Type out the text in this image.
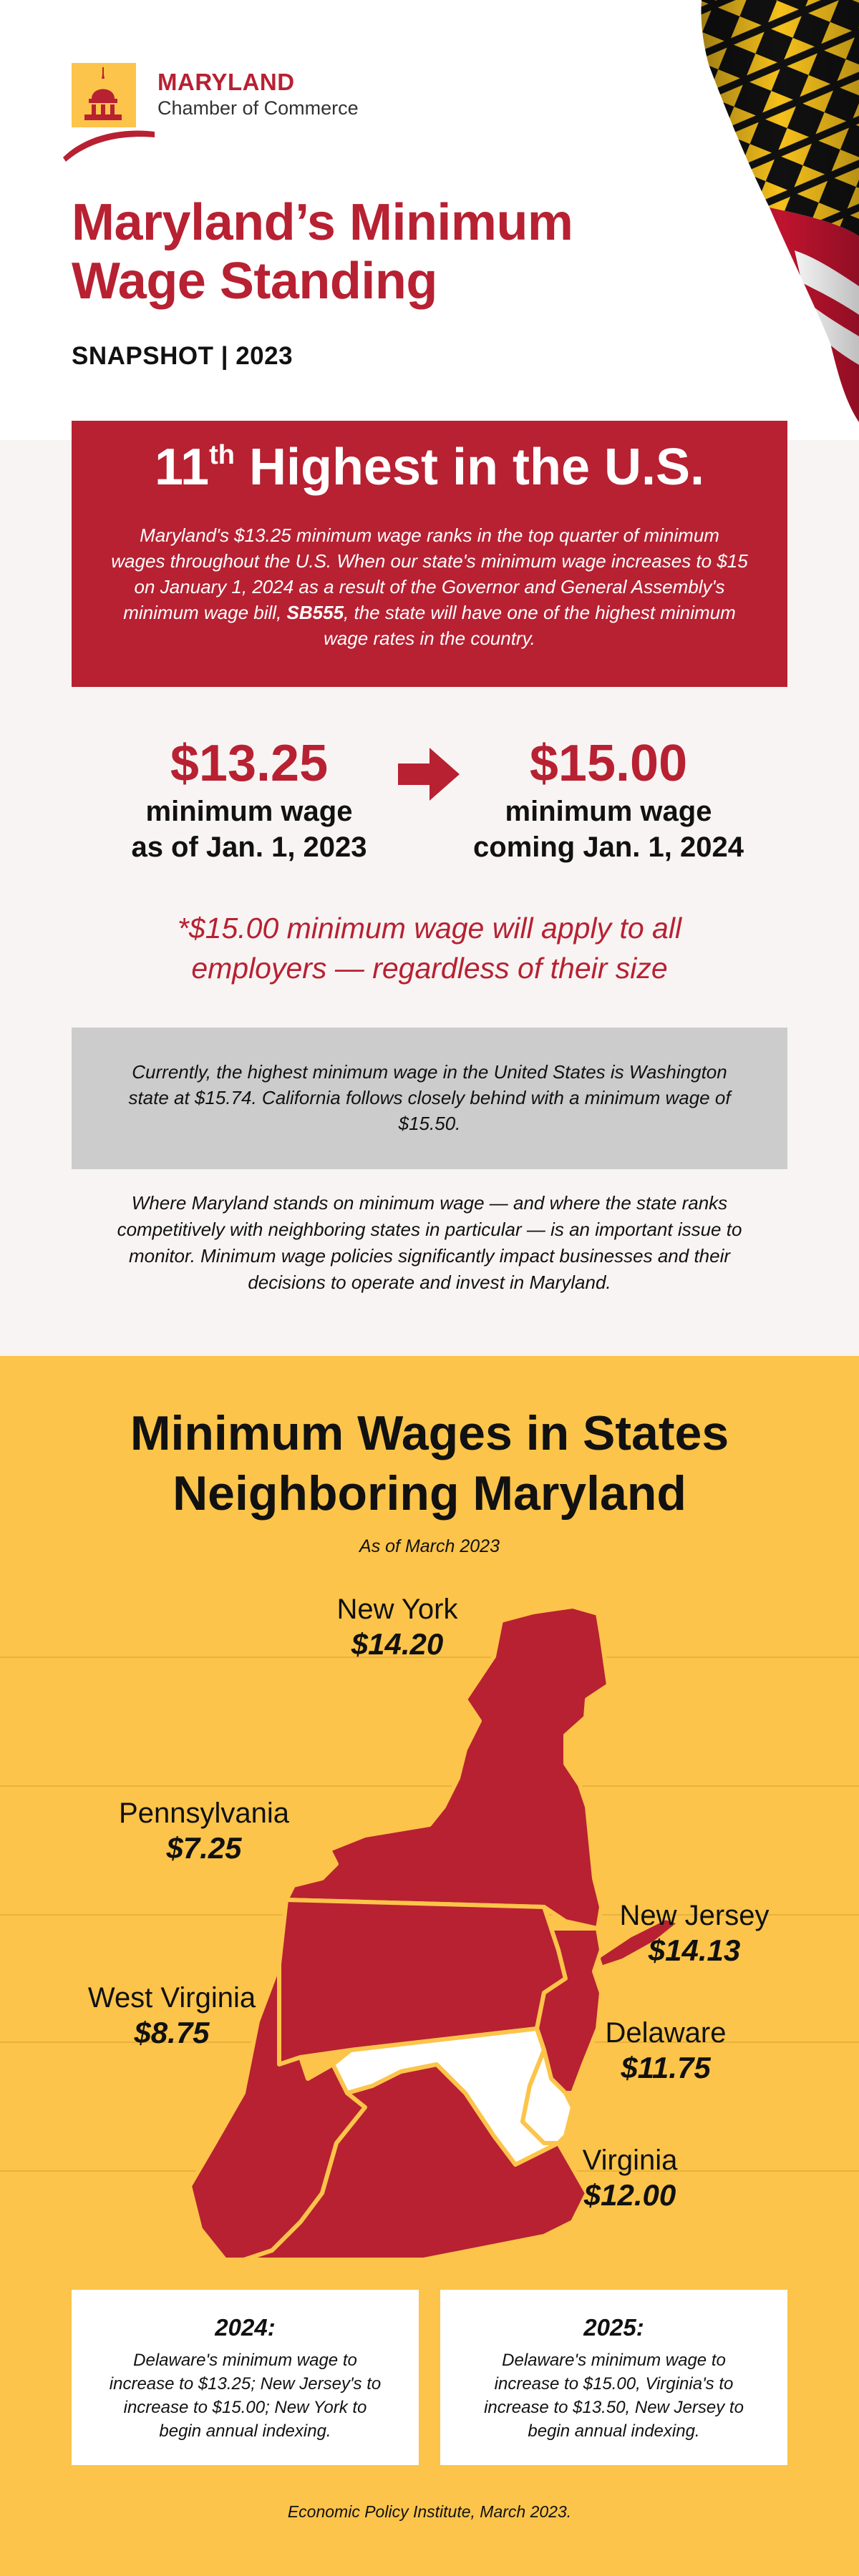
MARYLAND
Chamber of Commerce
Maryland’s Minimum Wage Standing
SNAPSHOT | 2023
11th Highest in the U.S.
Maryland's $13.25 minimum wage ranks in the top quarter of minimum wages throughout the U.S. When our state's minimum wage increases to $15 on January 1, 2024 as a result of the Governor and General Assembly's minimum wage bill, SB555, the state will have one of the highest minimum wage rates in the country.
$13.25
minimum wage
as of Jan. 1, 2023
$15.00
minimum wage
coming Jan. 1, 2024
*$15.00 minimum wage will apply to all employers — regardless of their size
Currently, the highest minimum wage in the United States is Washington state at $15.74. California follows closely behind with a minimum wage of $15.50.
Where Maryland stands on minimum wage — and where the state ranks competitively with neighboring states in particular — is an important issue to monitor. Minimum wage policies significantly impact businesses and their decisions to operate and invest in Maryland.
Minimum Wages in States
Neighboring Maryland
As of March 2023
New York
$14.20
Pennsylvania
$7.25
New Jersey
$14.13
West Virginia
$8.75	Delaware
$11.75
Virginia
$12.00
2024:
Delaware's minimum wage to increase to $13.25; New Jersey's to increase to $15.00; New York to begin annual indexing.
2025:
Delaware's minimum wage to increase to $15.00, Virginia's to increase to $13.50, New Jersey to begin annual indexing.
Economic Policy Institute, March 2023.
